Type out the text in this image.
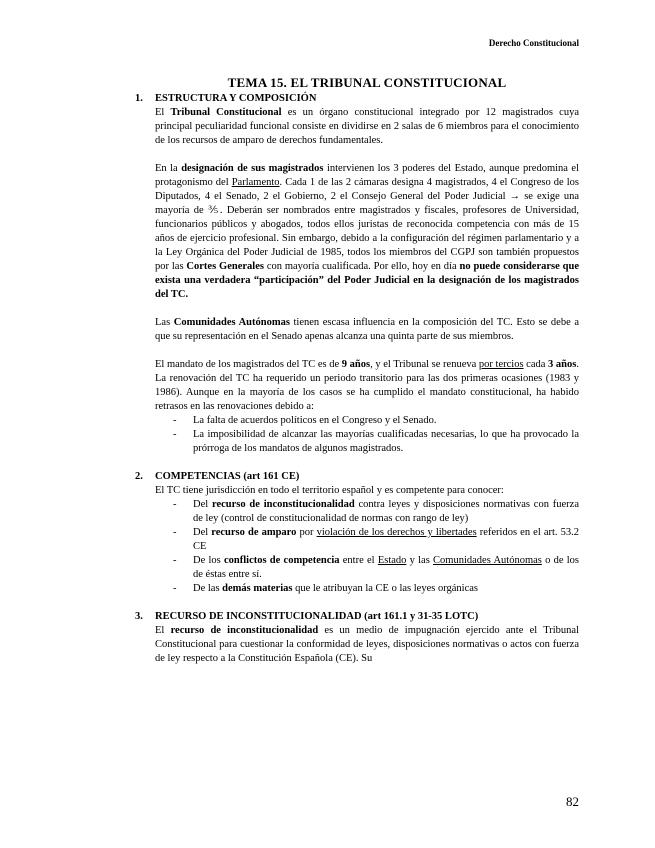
Derecho Constitucional
TEMA 15. EL TRIBUNAL CONSTITUCIONAL
1. ESTRUCTURA Y COMPOSICIÓN

El Tribunal Constitucional es un órgano constitucional integrado por 12 magistrados cuya principal peculiaridad funcional consiste en dividirse en 2 salas de 6 miembros para el conocimiento de los recursos de amparo de derechos fundamentales.

En la designación de sus magistrados intervienen los 3 poderes del Estado, aunque predomina el protagonismo del Parlamento. Cada 1 de las 2 cámaras designa 4 magistrados, 4 el Congreso de los Diputados, 4 el Senado, 2 el Gobierno, 2 el Consejo General del Poder Judicial → se exige una mayoría de ⅗. Deberán ser nombrados entre magistrados y fiscales, profesores de Universidad, funcionarios públicos y abogados, todos ellos juristas de reconocida competencia con más de 15 años de ejercicio profesional. Sin embargo, debido a la configuración del régimen parlamentario y a la Ley Orgánica del Poder Judicial de 1985, todos los miembros del CGPJ son también propuestos por las Cortes Generales con mayoría cualificada. Por ello, hoy en día no puede considerarse que exista una verdadera “participación” del Poder Judicial en la designación de los magistrados del TC.

Las Comunidades Autónomas tienen escasa influencia en la composición del TC. Esto se debe a que su representación en el Senado apenas alcanza una quinta parte de sus miembros.

El mandato de los magistrados del TC es de 9 años, y el Tribunal se renueva por tercios cada 3 años. La renovación del TC ha requerido un periodo transitorio para las dos primeras ocasiones (1983 y 1986). Aunque en la mayoría de los casos se ha cumplido el mandato constitucional, ha habido retrasos en las renovaciones debido a:

- La falta de acuerdos políticos en el Congreso y el Senado.
- La imposibilidad de alcanzar las mayorías cualificadas necesarias, lo que ha provocado la prórroga de los mandatos de algunos magistrados.
2. COMPETENCIAS (art 161 CE)

El TC tiene jurisdicción en todo el territorio español y es competente para conocer:

- Del recurso de inconstitucionalidad contra leyes y disposiciones normativas con fuerza de ley (control de constitucionalidad de normas con rango de ley)
- Del recurso de amparo por violación de los derechos y libertades referidos en el art. 53.2 CE
- De los conflictos de competencia entre el Estado y las Comunidades Autónomas o de los de éstas entre sí.
- De las demás materias que le atribuyan la CE o las leyes orgánicas
3. RECURSO DE INCONSTITUCIONALIDAD (art 161.1 y 31-35 LOTC)

El recurso de inconstitucionalidad es un medio de impugnación ejercido ante el Tribunal Constitucional para cuestionar la conformidad de leyes, disposiciones normativas o actos con fuerza de ley respecto a la Constitución Española (CE). Su

82
